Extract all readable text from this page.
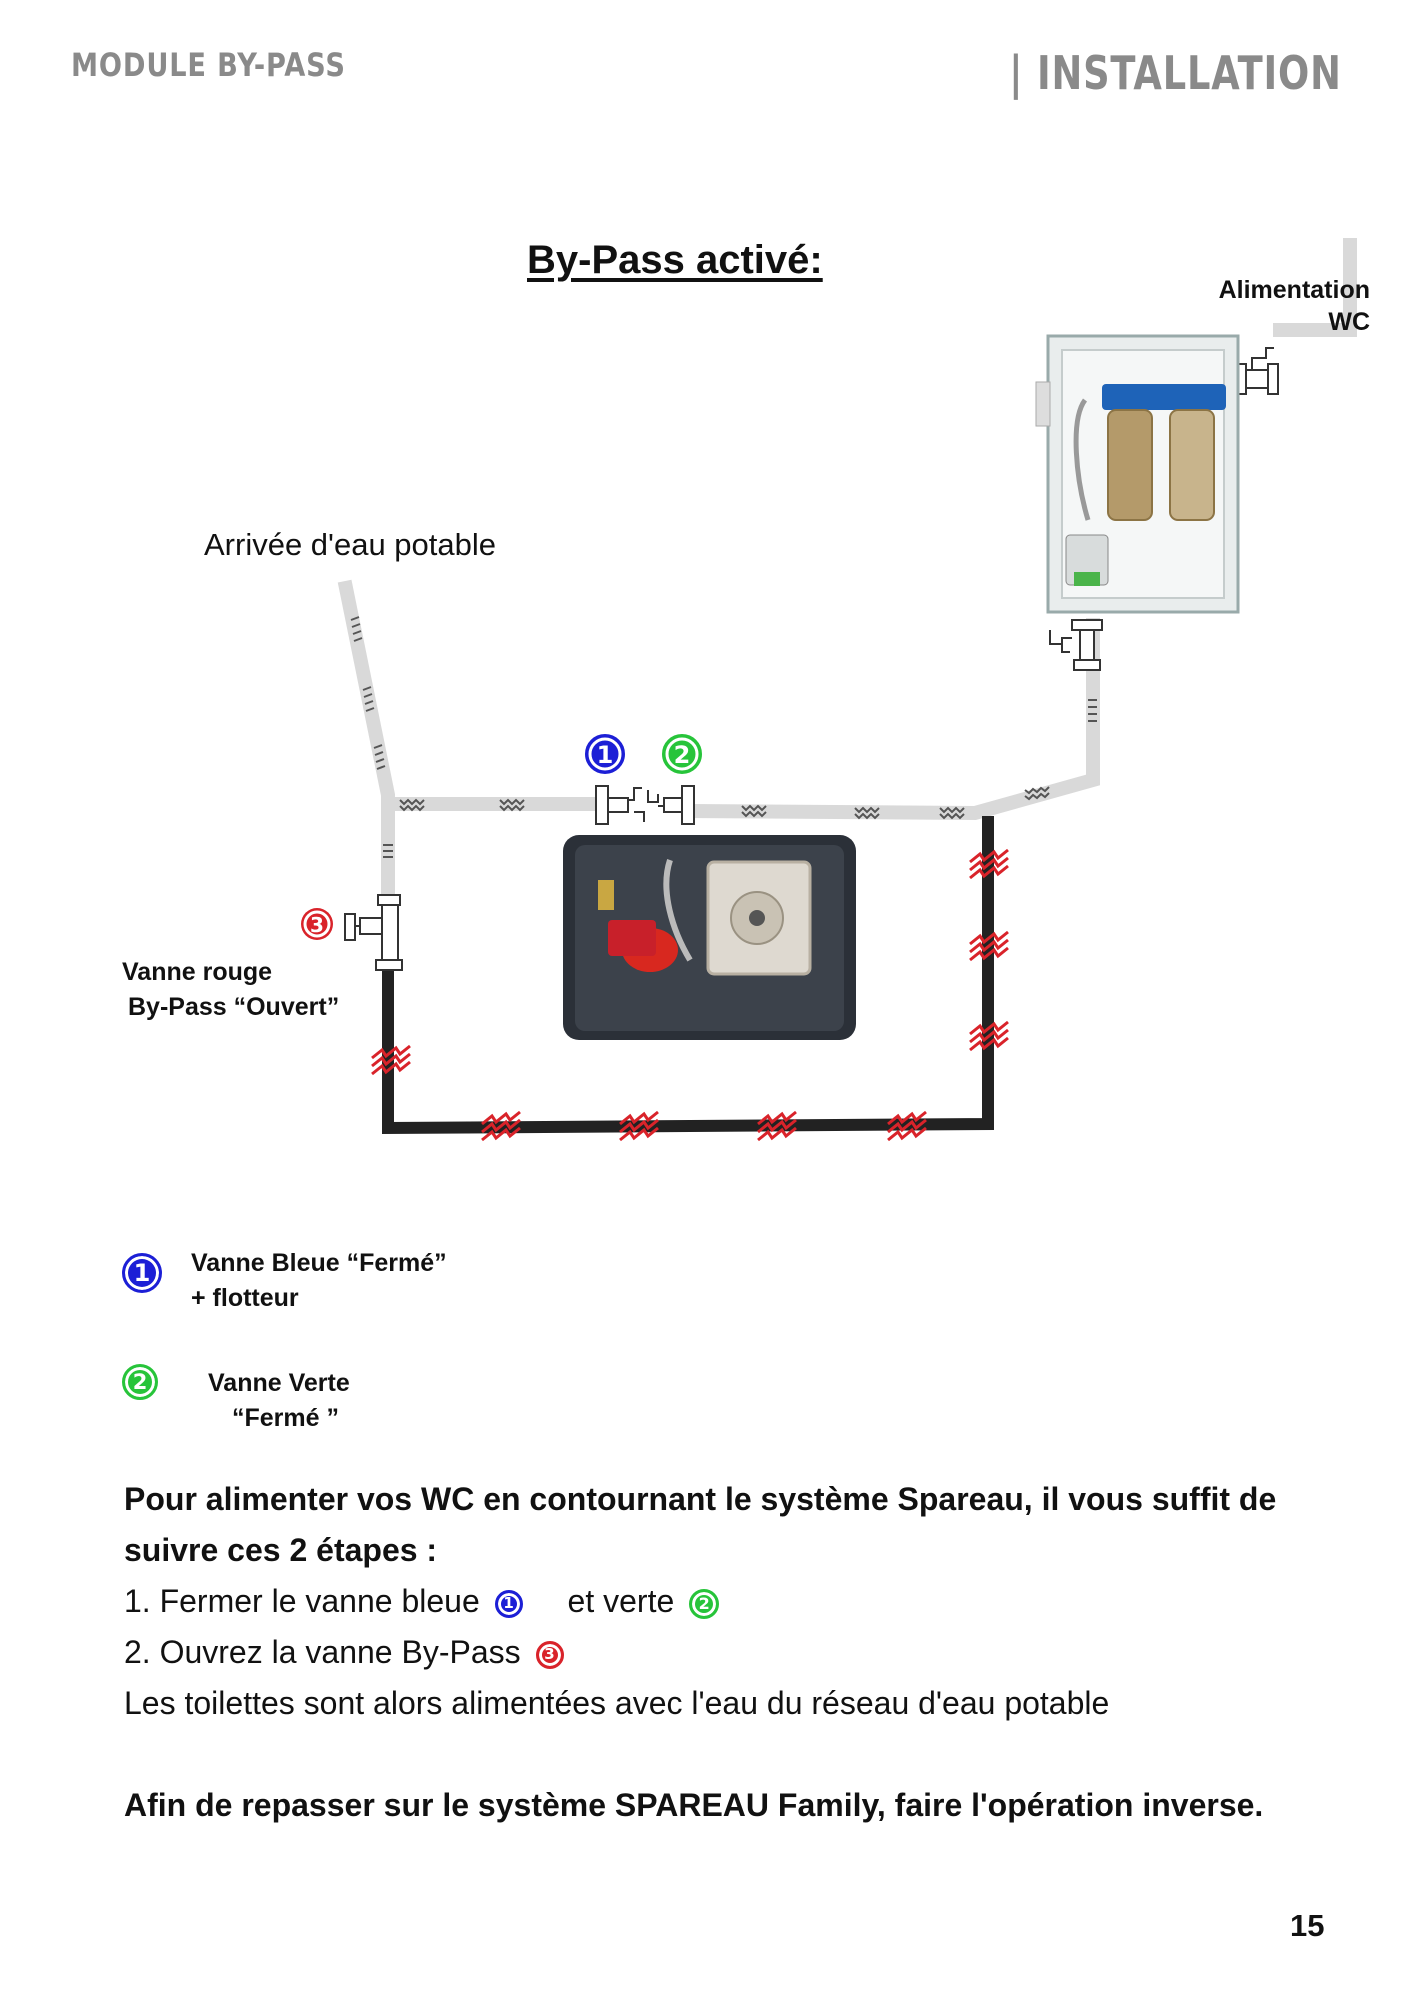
MODULE BY-PASS	| INSTALLATION
By-Pass activé:
1	2
3
Arrivée d'eau potable
Alimentation
WC
Vanne rouge
By-Pass “Ouvert”
1	Vanne Bleue “Fermé”
+ flotteur
2	Vanne Verte
“Fermé ”
Pour alimenter vos WC en contournant le système Spareau, il vous suffit de suivre ces 2 étapes :
1. Fermer le vanne bleue 1 et verte 2
2. Ouvrez la vanne By-Pass 3
Les toilettes sont alors alimentées avec l'eau du réseau d'eau potable
Afin de repasser sur le système SPAREAU Family, faire l'opération inverse.
15
